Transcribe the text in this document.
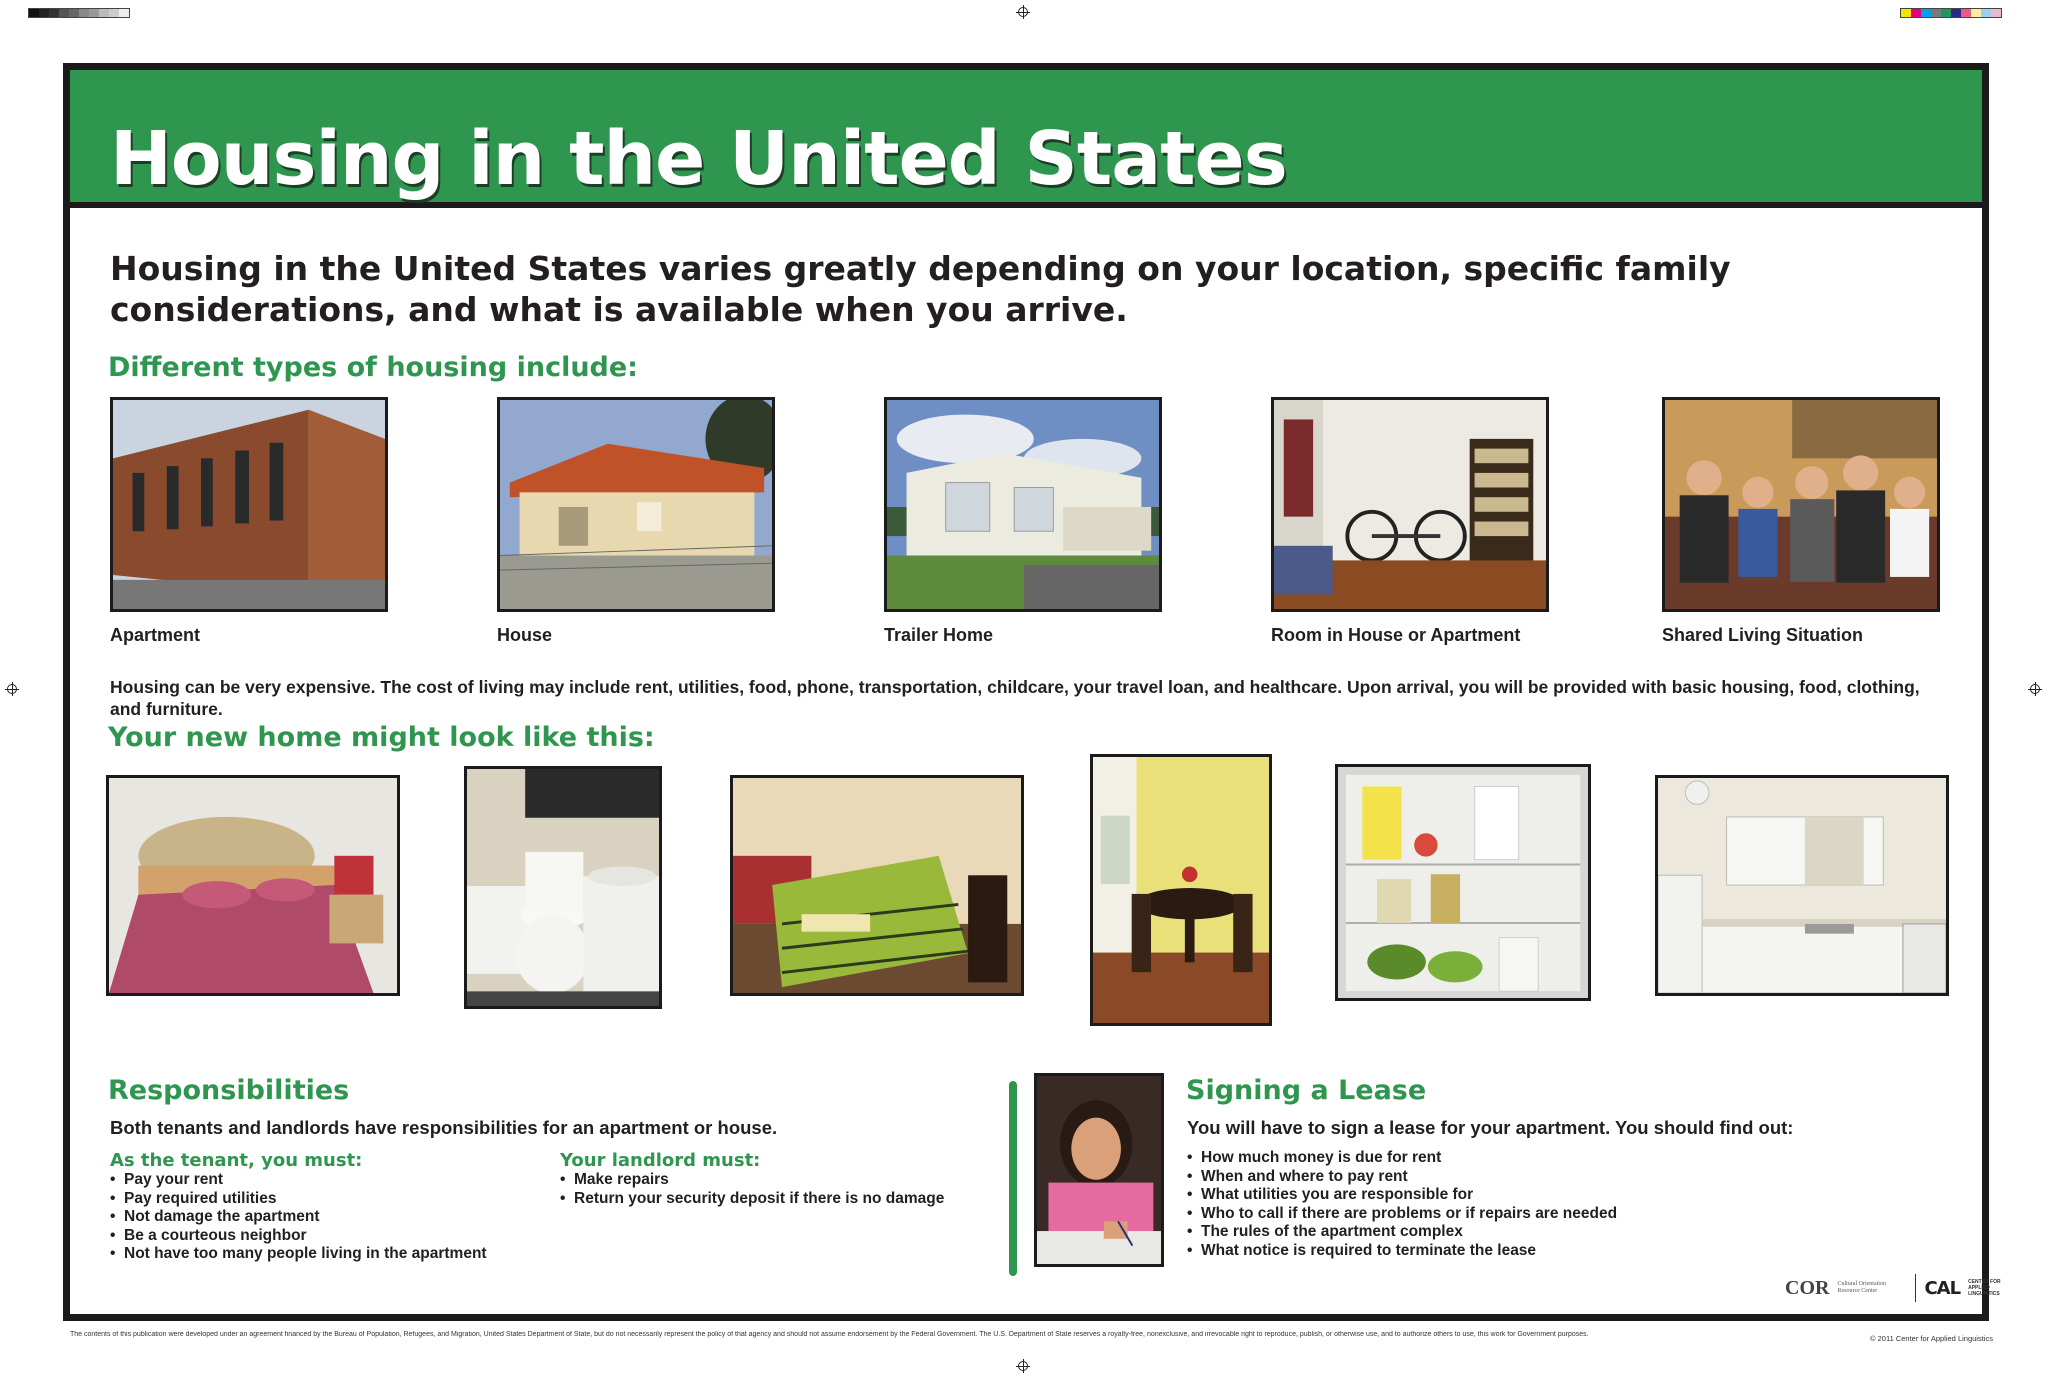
Housing in the United States

Housing in the United States varies greatly depending on your location, specific family considerations, and what is available when you arrive.

Different types of housing include:
Apartment	House	Trailer Home	Room in House or Apartment	Shared Living Situation

Housing can be very expensive. The cost of living may include rent, utilities, food, phone, transportation, childcare, your travel loan, and healthcare. Upon arrival, you will be provided with basic housing, food, clothing, and furniture.

Your new home might look like this:
Responsibilities
Both tenants and landlords have responsibilities for an apartment or house.
As the tenant, you must:
• Pay your rent
• Pay required utilities
• Not damage the apartment
• Be a courteous neighbor
• Not have too many people living in the apartment
Your landlord must:
• Make repairs
• Return your security deposit if there is no damage
Signing a Lease
You will have to sign a lease for your apartment. You should find out:
• How much money is due for rent
• When and where to pay rent
• What utilities you are responsible for
• Who to call if there are problems or if repairs are needed
• The rules of the apartment complex
• What notice is required to terminate the lease
COR Cultural Orientation Resource Center	CAL CENTER FOR APPLIED LINGUISTICS
The contents of this publication were developed under an agreement financed by the Bureau of Population, Refugees, and Migration, United States Department of State, but do not necessarily represent the policy of that agency and should not assume endorsement by the Federal Government. The U.S. Department of State reserves a royalty-free, nonexclusive, and irrevocable right to reproduce, publish, or otherwise use, and to authorize others to use, this work for Government purposes.	© 2011 Center for Applied Linguistics
